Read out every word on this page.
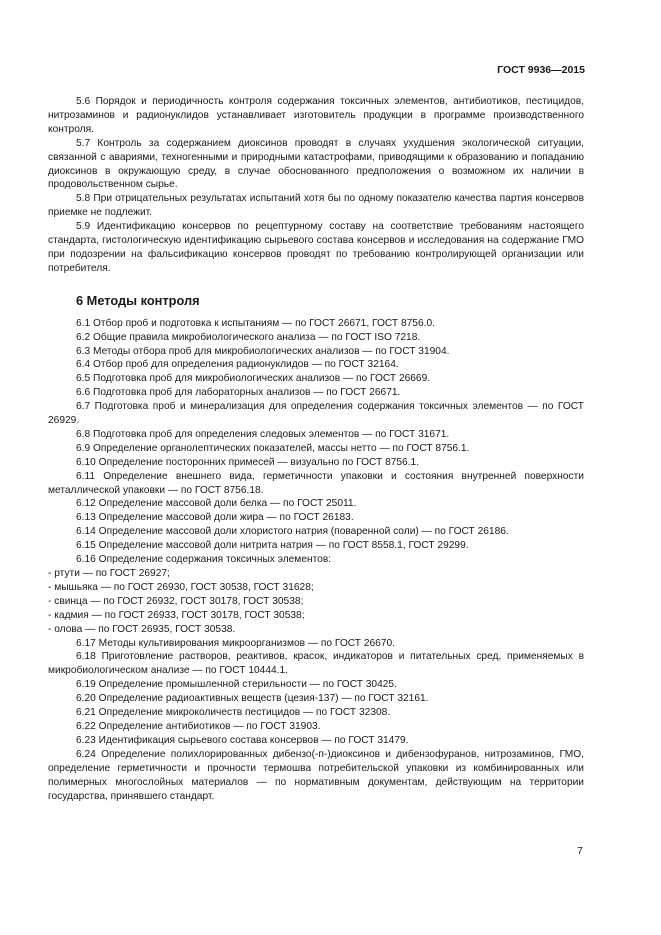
ГОСТ 9936—2015

5.6 Порядок и периодичность контроля содержания токсичных элементов, антибиотиков, пестицидов, нитрозаминов и радионуклидов устанавливает изготовитель продукции в программе производственного контроля.

5.7 Контроль за содержанием диоксинов проводят в случаях ухудшения экологической ситуации, связанной с авариями, техногенными и природными катастрофами, приводящими к образованию и попаданию диоксинов в окружающую среду, в случае обоснованного предположения о возможном их наличии в продовольственном сырье.

5.8 При отрицательных результатах испытаний хотя бы по одному показателю качества партия консервов приемке не подлежит.

5.9 Идентификацию консервов по рецептурному составу на соответствие требованиям настоящего стандарта, гистологическую идентификацию сырьевого состава консервов и исследования на содержание ГМО при подозрении на фальсификацию консервов проводят по требованию контролирующей организации или потребителя.

6 Методы контроля

6.1 Отбор проб и подготовка к испытаниям — по ГОСТ 26671, ГОСТ 8756.0.

6.2 Общие правила микробиологического анализа — по ГОСТ ISO 7218.

6.3 Методы отбора проб для микробиологических анализов — по ГОСТ 31904.

6.4 Отбор проб для определения радионуклидов — по ГОСТ 32164.

6.5 Подготовка проб для микробиологических анализов — по ГОСТ 26669.

6.6 Подготовка проб для лабораторных анализов — по ГОСТ 26671.

6.7 Подготовка проб и минерализация для определения содержания токсичных элементов — по ГОСТ 26929.

6.8 Подготовка проб для определения следовых элементов — по ГОСТ 31671.

6.9 Определение органолептических показателей, массы нетто — по ГОСТ 8756.1.

6.10 Определение посторонних примесей — визуально по ГОСТ 8756.1.

6.11 Определение внешнего вида, герметичности упаковки и состояния внутренней поверхности металлической упаковки — по ГОСТ 8756.18.

6.12 Определение массовой доли белка — по ГОСТ 25011.

6.13 Определение массовой доли жира — по ГОСТ 26183.

6.14 Определение массовой доли хлористого натрия (поваренной соли) — по ГОСТ 26186.

6.15 Определение массовой доли нитрита натрия — по ГОСТ 8558.1, ГОСТ 29299.

6.16 Определение содержания токсичных элементов:

- ртути — по ГОСТ 26927;

- мышьяка — по ГОСТ 26930, ГОСТ 30538, ГОСТ 31628;

- свинца — по ГОСТ 26932, ГОСТ 30178, ГОСТ 30538;

- кадмия — по ГОСТ 26933, ГОСТ 30178, ГОСТ 30538;

- олова — по ГОСТ 26935, ГОСТ 30538.

6.17 Методы культивирования микроорганизмов — по ГОСТ 26670.

6.18 Приготовление растворов, реактивов, красок, индикаторов и питательных сред, применяемых в микробиологическом анализе — по ГОСТ 10444.1.

6.19 Определение промышленной стерильности — по ГОСТ 30425.

6.20 Определение радиоактивных веществ (цезия-137) — по ГОСТ 32161.

6.21 Определение микроколичеств пестицидов — по ГОСТ 32308.

6.22 Определение антибиотиков — по ГОСТ 31903.

6.23 Идентификация сырьевого состава консервов — по ГОСТ 31479.

6.24 Определение полихлорированных дибензо(-п-)диоксинов и дибензофуранов, нитрозаминов, ГМО, определение герметичности и прочности термошва потребительской упаковки из комбинированных или полимерных многослойных материалов — по нормативным документам, действующим на территории государства, принявшего стандарт.

7
